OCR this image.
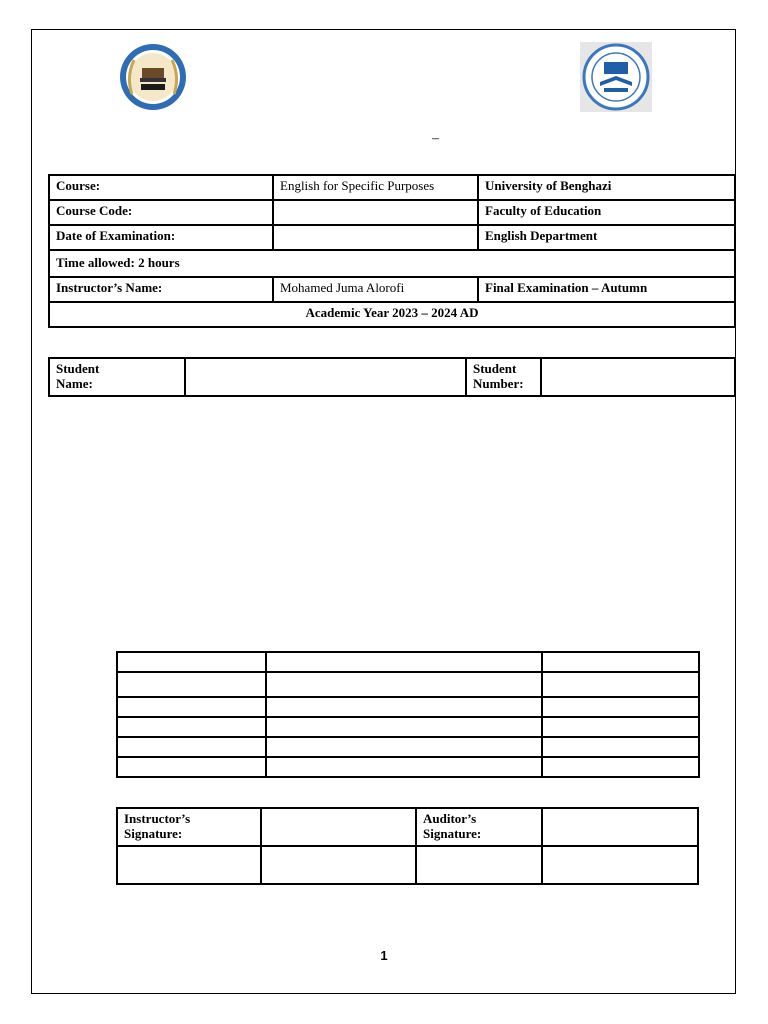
–
Course:	English for Specific Purposes	University of Benghazi
Course Code:		Faculty of Education
Date of Examination:		English Department
Time allowed: 2 hours		
Instructor’s Name:	Mohamed Juma Alorofi	Final Examination – Autumn
Academic Year 2023 – 2024 AD		
Student
Name:		Student
Number:	

Instructor’s
Signature:		Auditor’s
Signature:	

1
